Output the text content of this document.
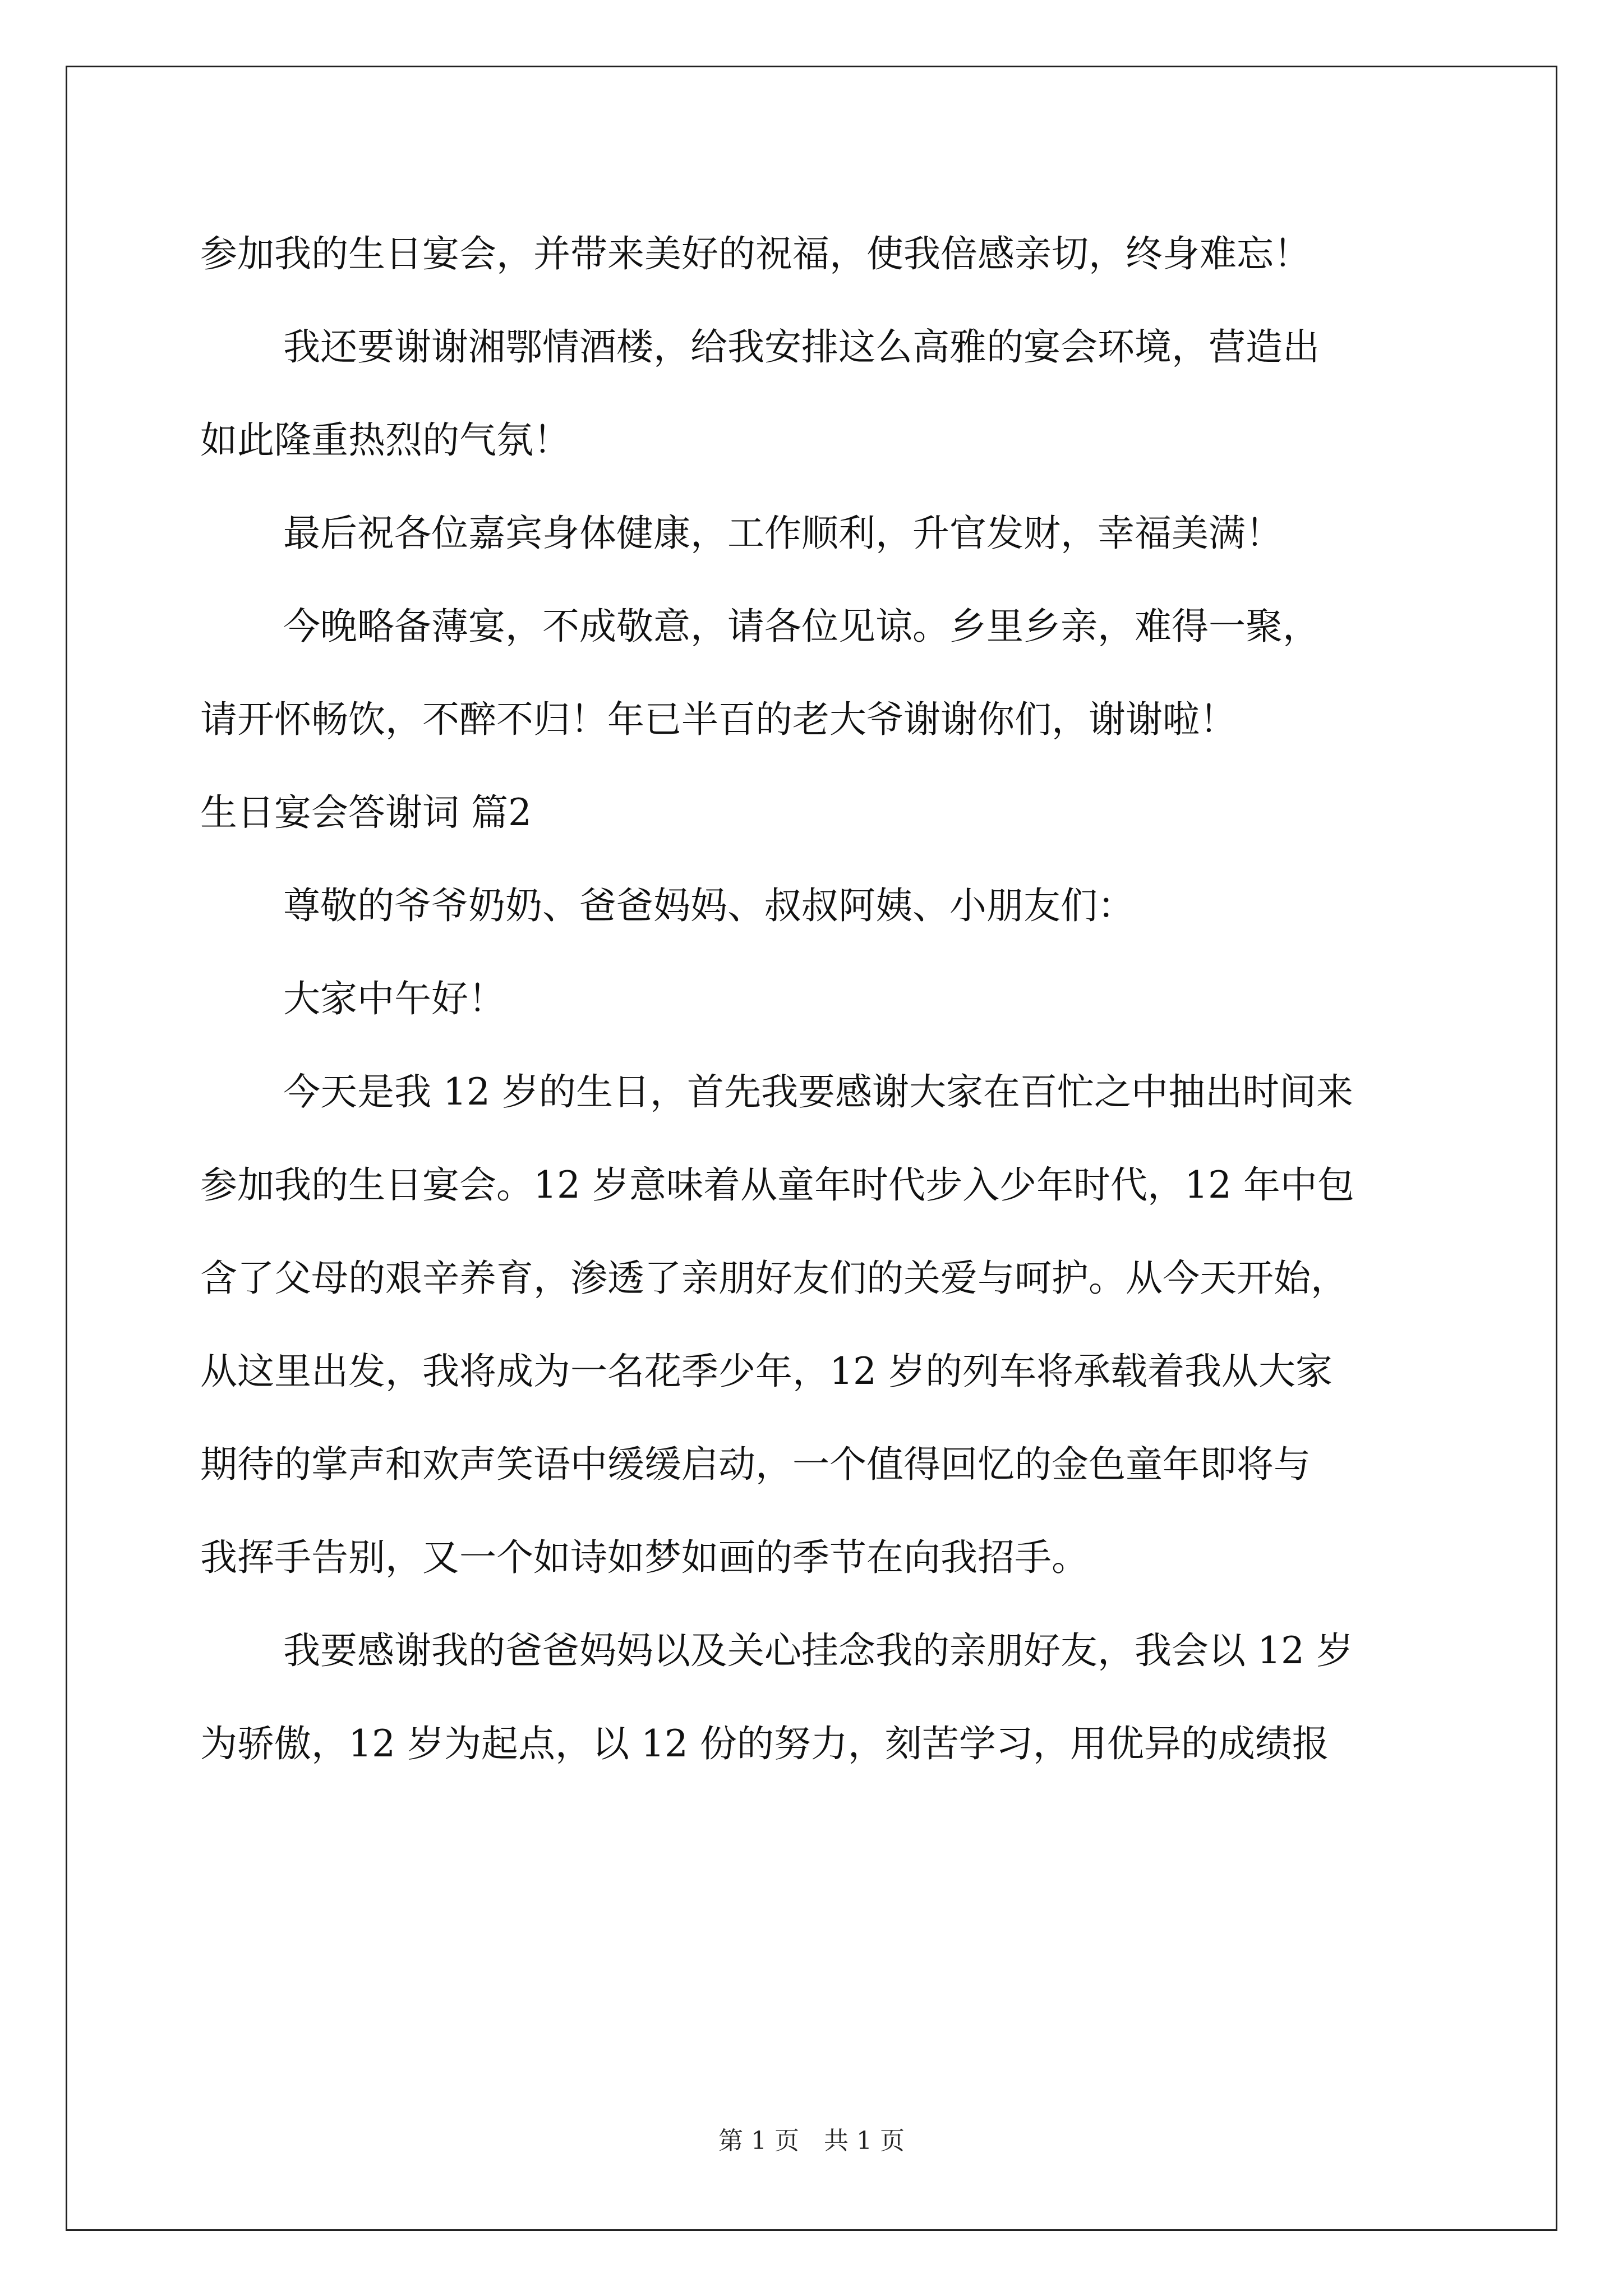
参加我的生日宴会，并带来美好的祝福，使我倍感亲切，终身难忘！

我还要谢谢湘鄂情酒楼，给我安排这么高雅的宴会环境，营造出
如此隆重热烈的气氛！

最后祝各位嘉宾身体健康，工作顺利，升官发财，幸福美满！

今晚略备薄宴，不成敬意，请各位见谅。乡里乡亲，难得一聚，
请开怀畅饮，不醉不归！年已半百的老大爷谢谢你们，谢谢啦！

生日宴会答谢词 篇2

尊敬的爷爷奶奶、爸爸妈妈、叔叔阿姨、小朋友们：

大家中午好！

今天是我 12 岁的生日，首先我要感谢大家在百忙之中抽出时间来
参加我的生日宴会。12 岁意味着从童年时代步入少年时代，12 年中包
含了父母的艰辛养育，渗透了亲朋好友们的关爱与呵护。从今天开始，
从这里出发，我将成为一名花季少年，12 岁的列车将承载着我从大家
期待的掌声和欢声笑语中缓缓启动，一个值得回忆的金色童年即将与
我挥手告别，又一个如诗如梦如画的季节在向我招手。

我要感谢我的爸爸妈妈以及关心挂念我的亲朋好友，我会以 12 岁
为骄傲，12 岁为起点，以 12 份的努力，刻苦学习，用优异的成绩报

第 1 页　共 1 页
